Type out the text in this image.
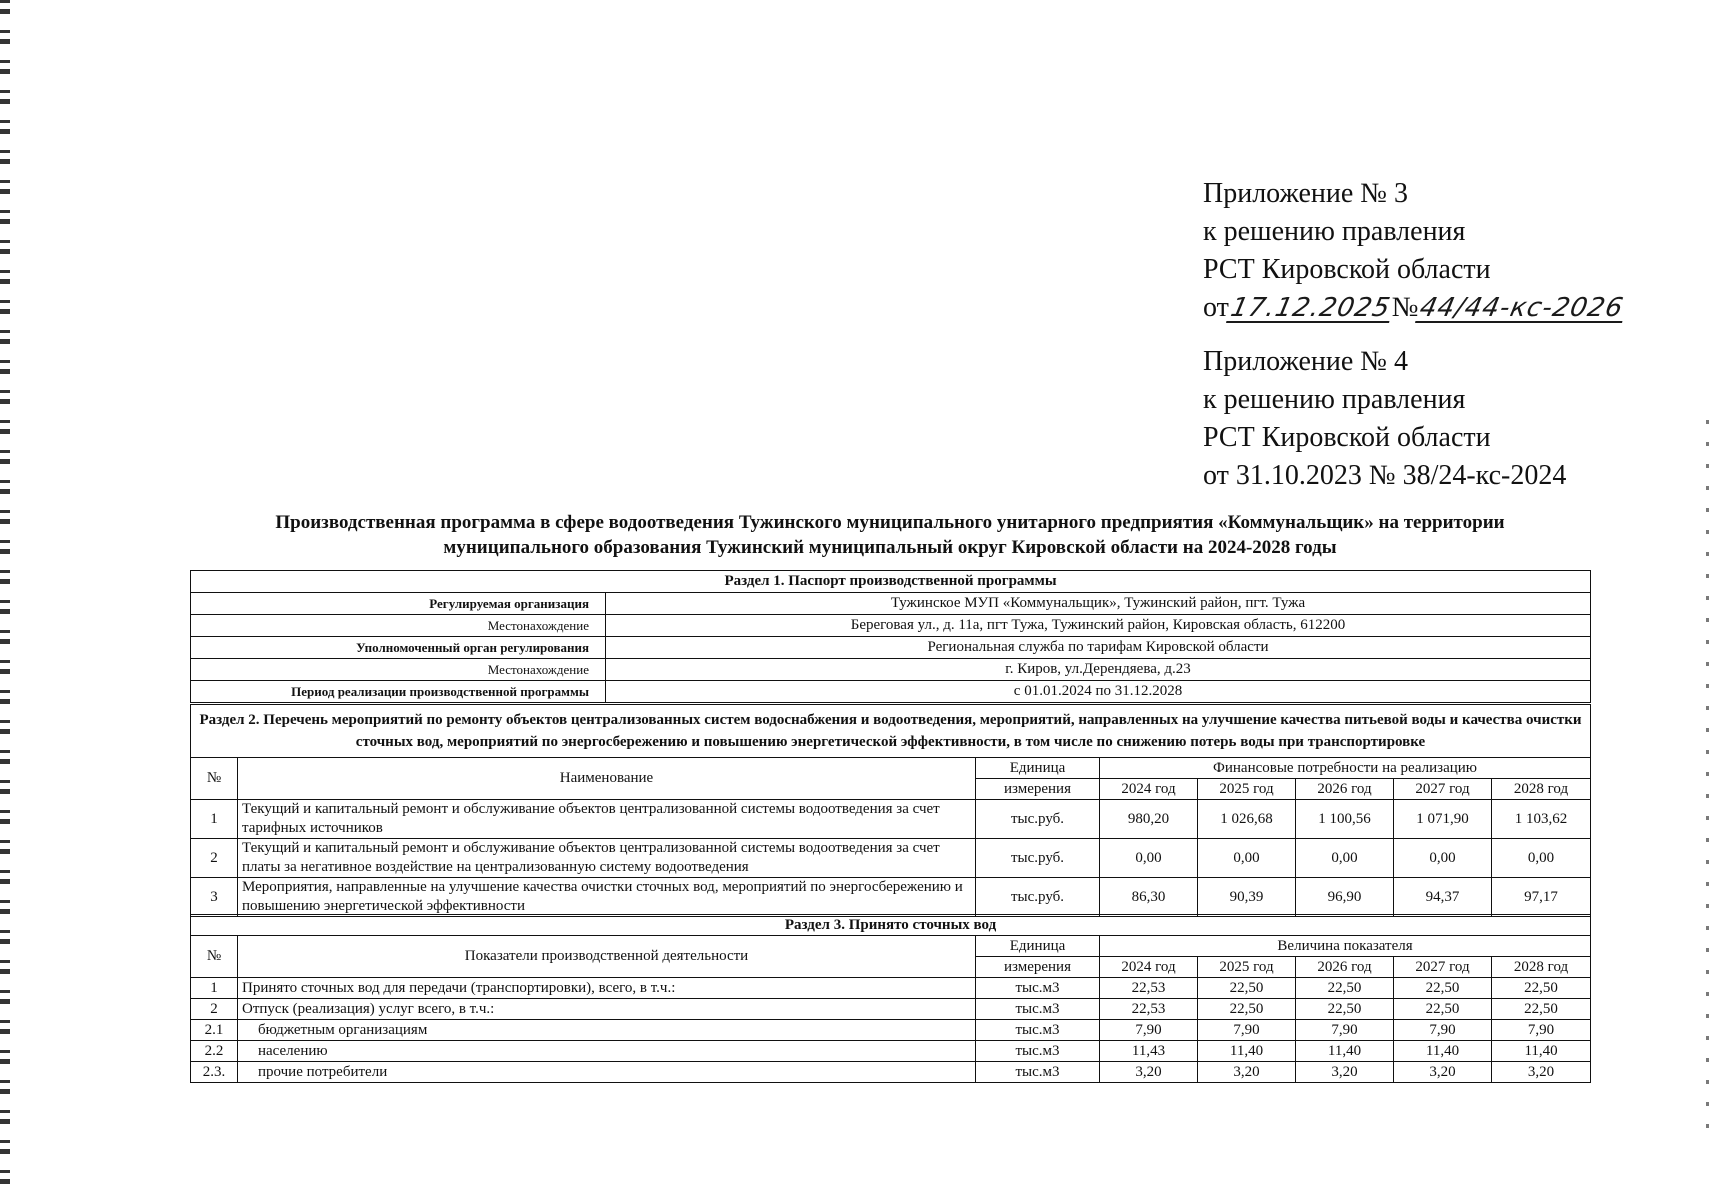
Приложение № 3
к решению правления
РСТ Кировской области
от17.12.2025№44/44-кс-2026
Приложение № 4
к решению правления
РСТ Кировской области
от 31.10.2023 № 38/24-кс-2024
Производственная программа в сфере водоотведения Тужинского муниципального унитарного предприятия «Коммунальщик» на территории
муниципального образования Тужинский муниципальный округ Кировской области на 2024-2028 годы
Раздел 1. Паспорт производственной программы	
Регулируемая организация	Тужинское МУП «Коммунальщик», Тужинский район, пгт. Тужа
Местонахождение	Береговая ул., д. 11а, пгт Тужа, Тужинский район, Кировская область, 612200
Уполномоченный орган регулирования	Региональная служба по тарифам Кировской области
Местонахождение	г. Киров, ул.Дерендяева, д.23
Период реализации производственной программы	с 01.01.2024 по 31.12.2028
Раздел 2. Перечень мероприятий по ремонту объектов централизованных систем водоснабжения и водоотведения, мероприятий, направленных на улучшение качества питьевой воды и качества очистки сточных вод, мероприятий по энергосбережению и повышению энергетической эффективности, в том числе по снижению потерь воды при транспортировке							
№	Наименование	Единица	Финансовые потребности на реализацию				
		измерения	2024 год	2025 год	2026 год	2027 год	2028 год
1	Текущий и капитальный ремонт и обслуживание объектов централизованной системы водоотведения за счет тарифных источников	тыс.руб.	980,20	1 026,68	1 100,56	1 071,90	1 103,62
2	Текущий и капитальный ремонт и обслуживание объектов централизованной системы водоотведения за счет платы за негативное воздействие на централизованную систему водоотведения	тыс.руб.	0,00	0,00	0,00	0,00	0,00
3	Мероприятия, направленные на улучшение качества очистки сточных вод, мероприятий по энергосбережению и повышению энергетической эффективности	тыс.руб.	86,30	90,39	96,90	94,37	97,17
Раздел 3. Принято сточных вод							
№	Показатели производственной деятельности	Единица	Величина показателя				
		измерения	2024 год	2025 год	2026 год	2027 год	2028 год
1	Принято сточных вод для передачи (транспортировки), всего, в т.ч.:	тыс.м3	22,53	22,50	22,50	22,50	22,50
2	Отпуск (реализация) услуг всего, в т.ч.:	тыс.м3	22,53	22,50	22,50	22,50	22,50
2.1	бюджетным организациям	тыс.м3	7,90	7,90	7,90	7,90	7,90
2.2	населению	тыс.м3	11,43	11,40	11,40	11,40	11,40
2.3.	прочие потребители	тыс.м3	3,20	3,20	3,20	3,20	3,20
